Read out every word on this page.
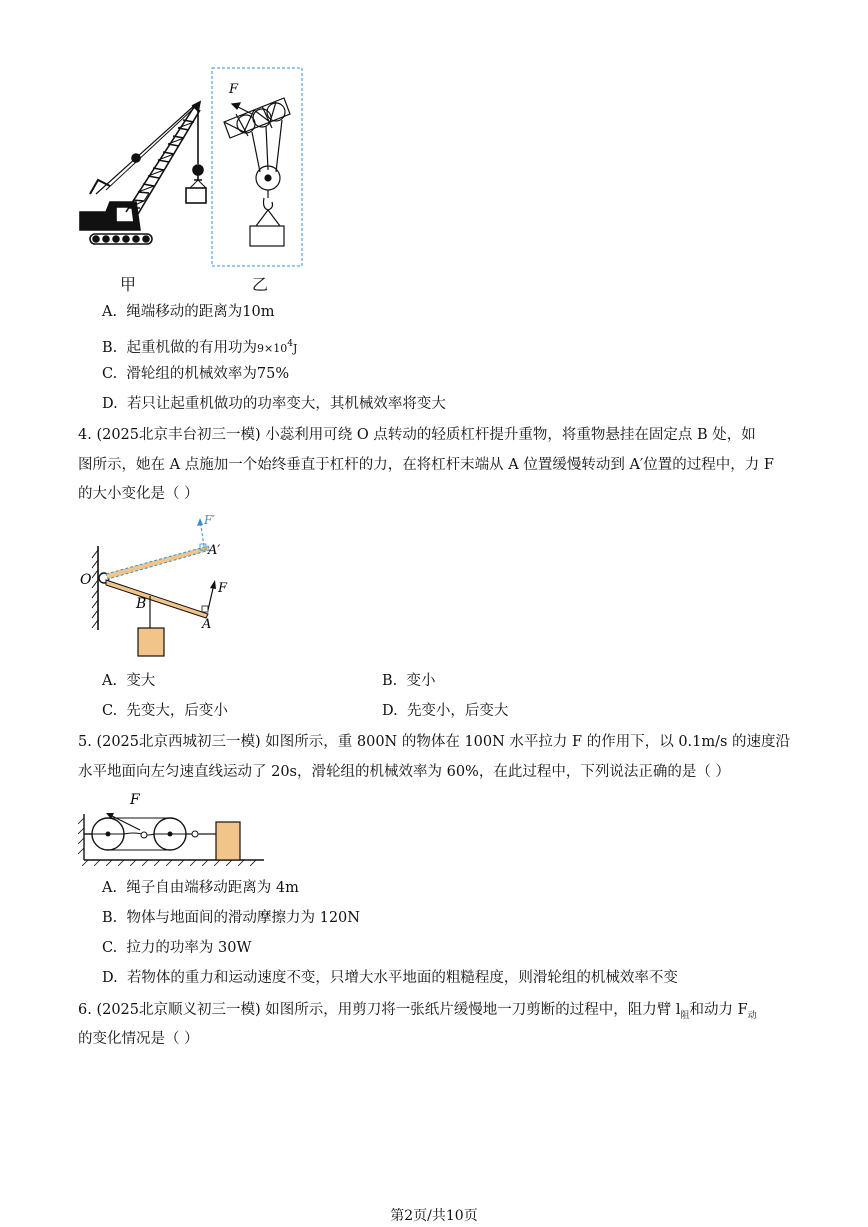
F
甲	乙
A. 绳端移动的距离为10m
B. 起重机做的有用功为$9\times 10^4J$
C. 滑轮组的机械效率为75%
D. 若只让起重机做功的功率变大，其机械效率将变大
4. (2025北京丰台初三一模) 小蕊利用可绕 O 点转动的轻质杠杆提升重物，将重物悬挂在固定点 B 处，如
图所示，她在 A 点施加一个始终垂直于杠杆的力，在将杠杆末端从 A 位置缓慢转动到 A′位置的过程中，力 F
的大小变化是（ ）
O
B
A
A′
F
F′
A. 变大	B. 变小
C. 先变大，后变小	D. 先变小，后变大
5. (2025北京西城初三一模) 如图所示，重 800N 的物体在 100N 水平拉力 F 的作用下，以 0.1m/s 的速度沿
水平地面向左匀速直线运动了 20s，滑轮组的机械效率为 60%，在此过程中，下列说法正确的是（ ）
F
A. 绳子自由端移动距离为 4m
B. 物体与地面间的滑动摩擦力为 120N
C. 拉力的功率为 30W
D. 若物体的重力和运动速度不变，只增大水平地面的粗糙程度，则滑轮组的机械效率不变
6. (2025北京顺义初三一模) 如图所示，用剪刀将一张纸片缓慢地一刀剪断的过程中，阻力臂 $l_阻$和动力 $F_动$
的变化情况是（ ）
第2页/共10页
